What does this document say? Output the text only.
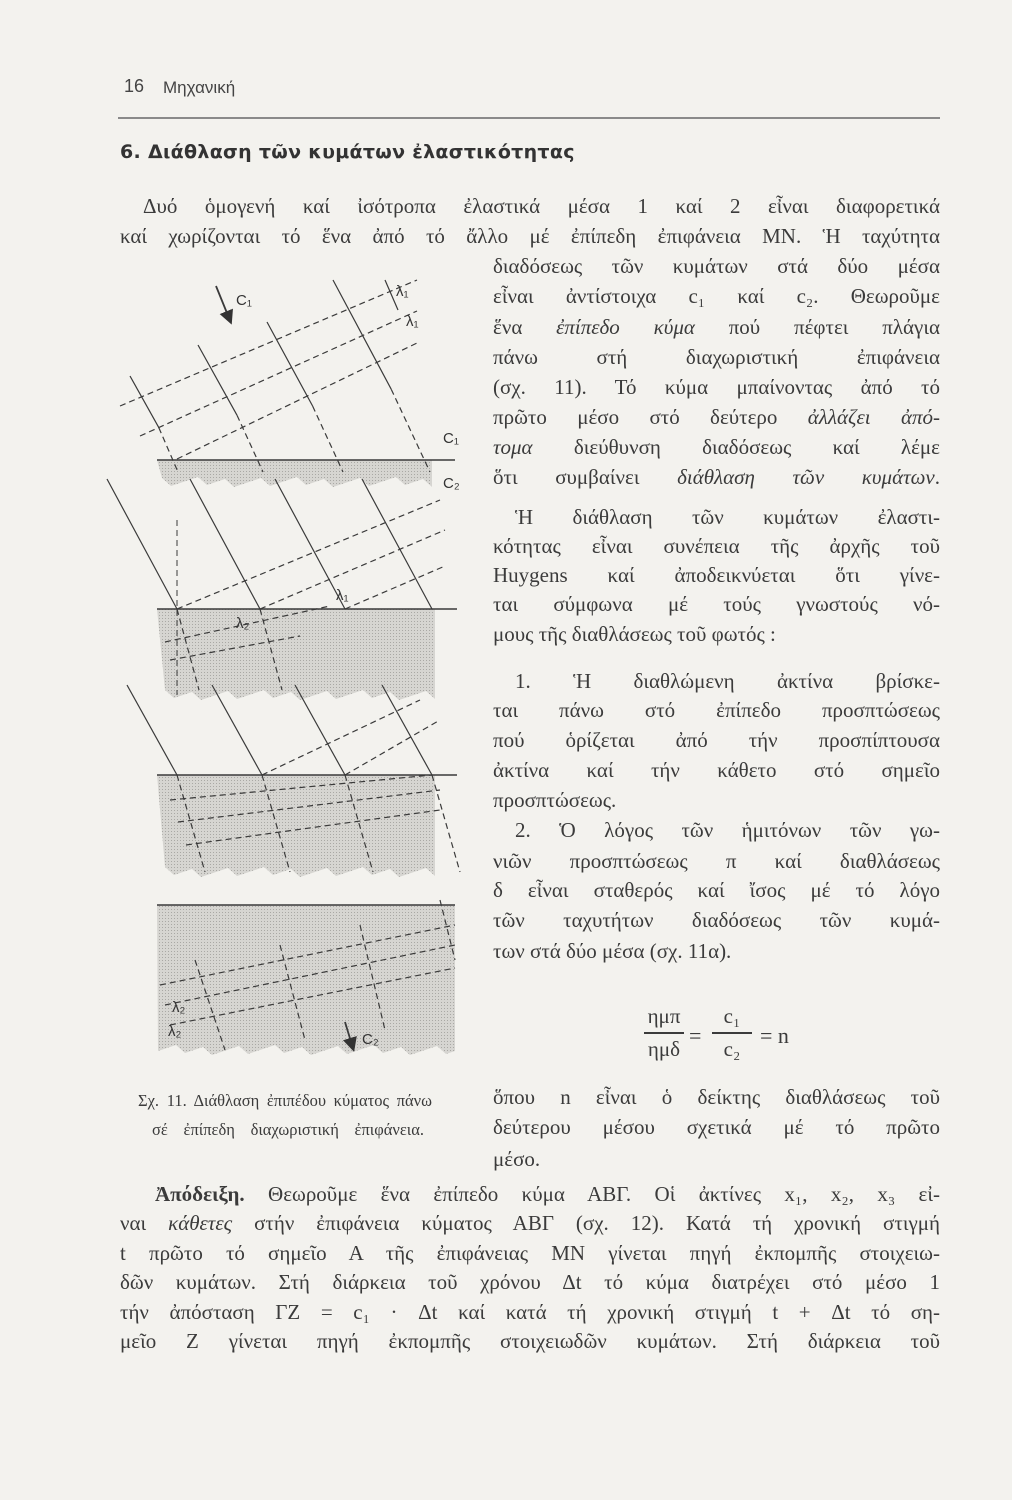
16 Μηχανική
6. Διάθλαση τῶν κυμάτων ἐλαστικότητας
Δυό ὁμογενή καί ἰσότροπα ἐλαστικά μέσα 1 καί 2 εἶναι διαφορετικά
καί χωρίζονται τό ἕνα ἀπό τό ἄλλο μέ ἐπίπεδη ἐπιφάνεια ΜΝ. Ἡ ταχύτητα
διαδόσεως τῶν κυμάτων στά δύο μέσα
εἶναι ἀντίστοιχα c₁ καί c₂. Θεωροῦμε
ἕνα ἐπίπεδο κύμα πού πέφτει πλάγια
πάνω στή διαχωριστική ἐπιφάνεια
(σχ. 11). Τό κύμα μπαίνοντας ἀπό τό
πρῶτο μέσο στό δεύτερο ἀλλάζει ἀπό-
τομα διεύθυνση διαδόσεως καί λέμε
ὅτι συμβαίνει διάθλαση τῶν κυμάτων.
Ἡ διάθλαση τῶν κυμάτων ἐλαστι-
κότητας εἶναι συνέπεια τῆς ἀρχῆς τοῦ
Huygens καί ἀποδεικνύεται ὅτι γίνε-
ται σύμφωνα μέ τούς γνωστούς νό-
μους τῆς διαθλάσεως τοῦ φωτός :
1. Ἡ διαθλώμενη ἀκτίνα βρίσκε-
ται πάνω στό ἐπίπεδο προσπτώσεως
πού ὁρίζεται ἀπό τήν προσπίπτουσα
ἀκτίνα καί τήν κάθετο στό σημεῖο
προσπτώσεως.
2. Ὁ λόγος τῶν ἡμιτόνων τῶν γω-
νιῶν προσπτώσεως π καί διαθλάσεως
δ εἶναι σταθερός καί ἴσος μέ τό λόγο
τῶν ταχυτήτων διαδόσεως τῶν κυμά-
των στά δύο μέσα (σχ. 11α).
ὅπου n εἶναι ὁ δείκτης διαθλάσεως τοῦ
δεύτερου μέσου σχετικά μέ τό πρῶτο
μέσο.
Ἀπόδειξη. Θεωροῦμε ἕνα ἐπίπεδο κύμα ΑΒΓ. Οἱ ἀκτίνες x₁, x₂, x₃ εἰ-
ναι κάθετες στήν ἐπιφάνεια κύματος ΑΒΓ (σχ. 12). Κατά τή χρονική στιγμή
t πρῶτο τό σημεῖο Α τῆς ἐπιφάνειας ΜΝ γίνεται πηγή ἐκπομπῆς στοιχειω-
δῶν κυμάτων. Στή διάρκεια τοῦ χρόνου Δt τό κύμα διατρέχει στό μέσο 1
τήν ἀπόσταση ΓΖ = c₁ · Δt καί κατά τή χρονική στιγμή t + Δt τό ση-
μεῖο Ζ γίνεται πηγή ἐκπομπῆς στοιχειωδῶν κυμάτων. Στή διάρκεια τοῦ
C₁
λ₁
λ₁
C₁
C₂
λ₁
λ₂
λ₂
λ₂	C₂
Σχ. 11. Διάθλαση ἐπιπέδου κύματος πάνω
σέ ἐπίπεδη διαχωριστική ἐπιφάνεια.
ημπ
ημδ
= $\frac{\text{c₁}}{\text{c₂}} = n$
